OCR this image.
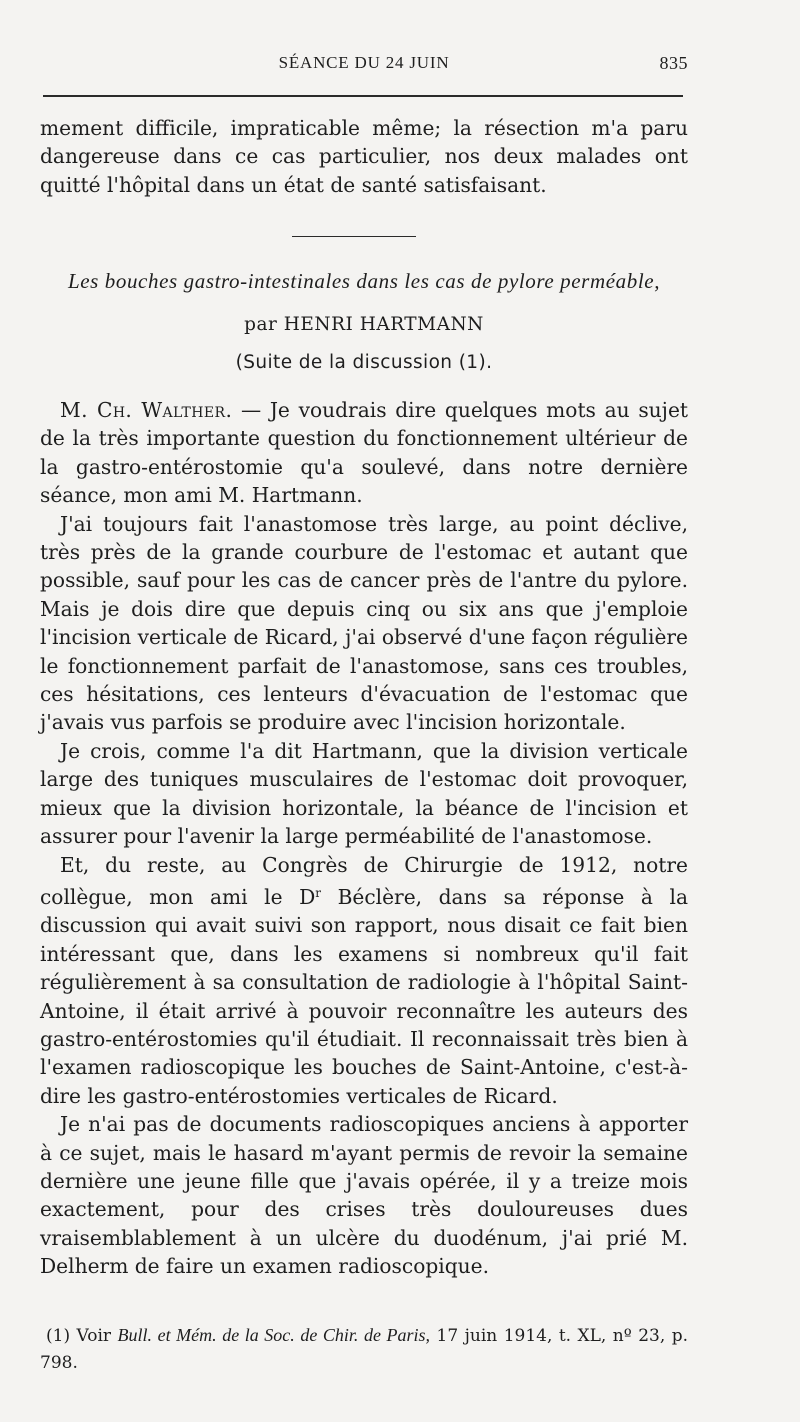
SÉANCE DU 24 JUIN	835

mement difficile, impraticable même; la résection m'a paru dangereuse dans ce cas particulier, nos deux malades ont quitté l'hôpital dans un état de santé satisfaisant.

Les bouches gastro-intestinales dans les cas de pylore perméable,
par HENRI HARTMANN
(Suite de la discussion (1).

M. Ch. Walther. — Je voudrais dire quelques mots au sujet de la très importante question du fonctionnement ultérieur de la gastro-entérostomie qu'a soulevé, dans notre dernière séance, mon ami M. Hartmann.

J'ai toujours fait l'anastomose très large, au point déclive, très près de la grande courbure de l'estomac et autant que possible, sauf pour les cas de cancer près de l'antre du pylore. Mais je dois dire que depuis cinq ou six ans que j'emploie l'incision verticale de Ricard, j'ai observé d'une façon régulière le fonctionnement parfait de l'anastomose, sans ces troubles, ces hésitations, ces lenteurs d'évacuation de l'estomac que j'avais vus parfois se produire avec l'incision horizontale.

Je crois, comme l'a dit Hartmann, que la division verticale large des tuniques musculaires de l'estomac doit provoquer, mieux que la division horizontale, la béance de l'incision et assurer pour l'avenir la large perméabilité de l'anastomose.

Et, du reste, au Congrès de Chirurgie de 1912, notre collègue, mon ami le $D^r$ Béclère, dans sa réponse à la discussion qui avait suivi son rapport, nous disait ce fait bien intéressant que, dans les examens si nombreux qu'il fait régulièrement à sa consultation de radiologie à l'hôpital Saint-Antoine, il était arrivé à pouvoir reconnaître les auteurs des gastro-entérostomies qu'il étudiait. Il reconnaissait très bien à l'examen radioscopique les bouches de Saint-Antoine, c'est-à-dire les gastro-entérostomies verticales de Ricard.

Je n'ai pas de documents radioscopiques anciens à apporter à ce sujet, mais le hasard m'ayant permis de revoir la semaine dernière une jeune fille que j'avais opérée, il y a treize mois exactement, pour des crises très douloureuses dues vraisemblablement à un ulcère du duodénum, j'ai prié M. Delherm de faire un examen radioscopique.

(1) Voir Bull. et Mém. de la Soc. de Chir. de Paris, 17 juin 1914, t. XL, nº 23, p. 798.
